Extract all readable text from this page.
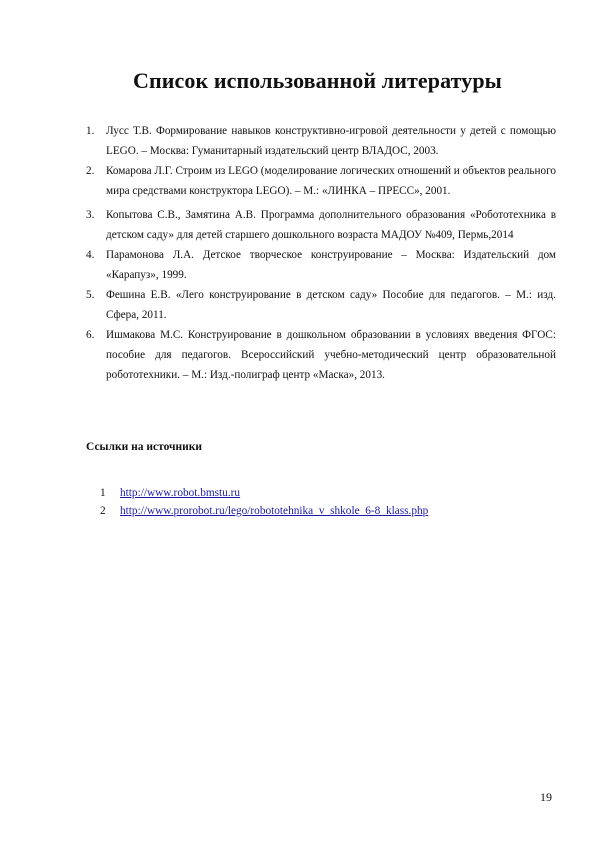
Список использованной литературы
1. Лусс Т.В. Формирование навыков конструктивно-игровой деятельности у детей с помощью LEGO. – Москва: Гуманитарный издательский центр ВЛАДОС, 2003.
2. Комарова Л.Г. Строим из LEGO (моделирование логических отношений и объектов реального мира средствами конструктора LEGO). – М.: «ЛИНКА – ПРЕСС», 2001.
3. Копытова С.В., Замятина А.В. Программа дополнительного образования «Робототехника в детском саду» для детей старшего дошкольного возраста МАДОУ №409, Пермь,2014
4. Парамонова Л.А. Детское творческое конструирование – Москва: Издательский дом «Карапуз», 1999.
5. Фешина Е.В. «Лего конструирование в детском саду» Пособие для педагогов. – М.: изд. Сфера, 2011.
6. Ишмакова М.С. Конструирование в дошкольном образовании в условиях введения ФГОС: пособие для педагогов. Всероссийский учебно-методический центр образовательной робототехники. – М.: Изд.-полиграф центр «Маска», 2013.
Ссылки на источники
1 http://www.robot.bmstu.ru
2 http://www.prorobot.ru/lego/robototehnika_v_shkole_6-8_klass.php
19
